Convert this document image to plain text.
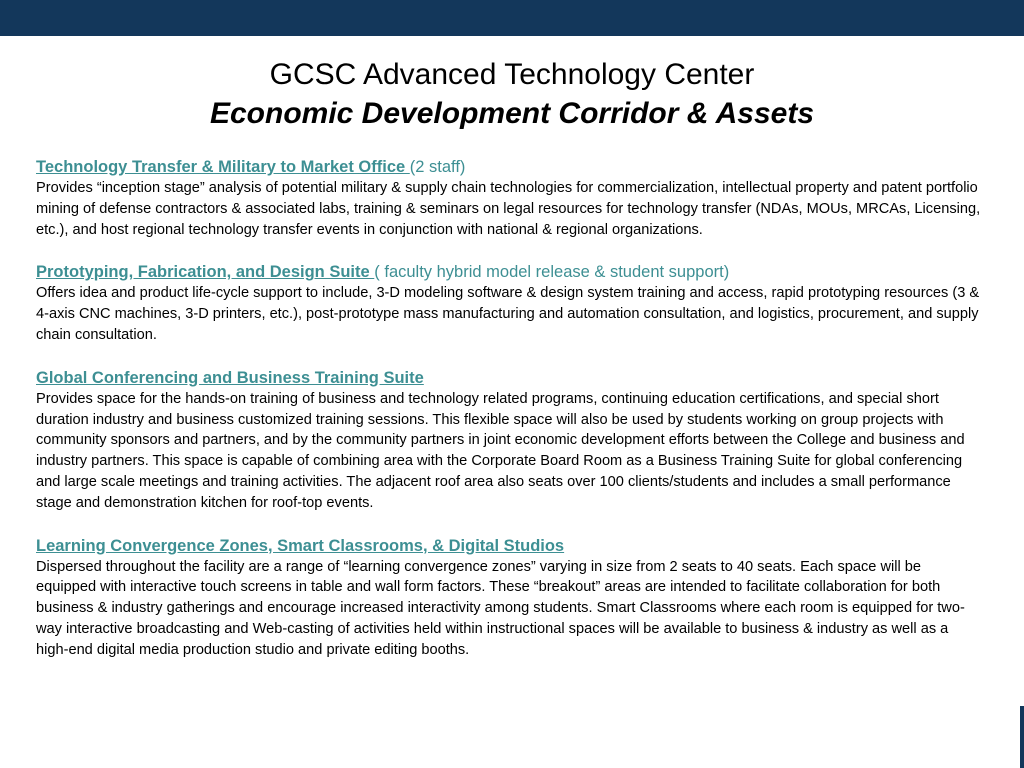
GCSC Advanced Technology Center
Economic Development Corridor & Assets
Technology Transfer & Military to Market Office (2 staff)
Provides “inception stage” analysis of potential military & supply chain technologies for commercialization, intellectual property and patent portfolio mining of defense contractors & associated labs, training & seminars on legal resources for technology transfer (NDAs, MOUs, MRCAs, Licensing, etc.), and host regional technology transfer events in conjunction with national & regional organizations.
Prototyping, Fabrication, and Design Suite ( faculty hybrid model release & student support)
Offers idea and product life-cycle support to include, 3-D modeling software & design system training and access, rapid prototyping resources (3 & 4-axis CNC machines, 3-D printers, etc.), post-prototype mass manufacturing and automation consultation, and logistics, procurement, and supply chain consultation.
Global Conferencing and Business Training Suite
Provides space for the hands-on training of business and technology related programs, continuing education certifications, and special short duration industry and business customized training sessions. This flexible space will also be used by students working on group projects with community sponsors and partners, and by the community partners in joint economic development efforts between the College and business and industry partners. This space is capable of combining area with the Corporate Board Room as a Business Training Suite for global conferencing and large scale meetings and training activities. The adjacent roof area also seats over 100 clients/students and includes a small performance stage and demonstration kitchen for roof-top events.
Learning Convergence Zones, Smart Classrooms, & Digital Studios
Dispersed throughout the facility are a range of “learning convergence zones” varying in size from 2 seats to 40 seats. Each space will be equipped with interactive touch screens in table and wall form factors. These “breakout” areas are intended to facilitate collaboration for both business & industry gatherings and encourage increased interactivity among students. Smart Classrooms where each room is equipped for two-way interactive broadcasting and Web-casting of activities held within instructional spaces will be available to business & industry as well as a high-end digital media production studio and private editing booths.
